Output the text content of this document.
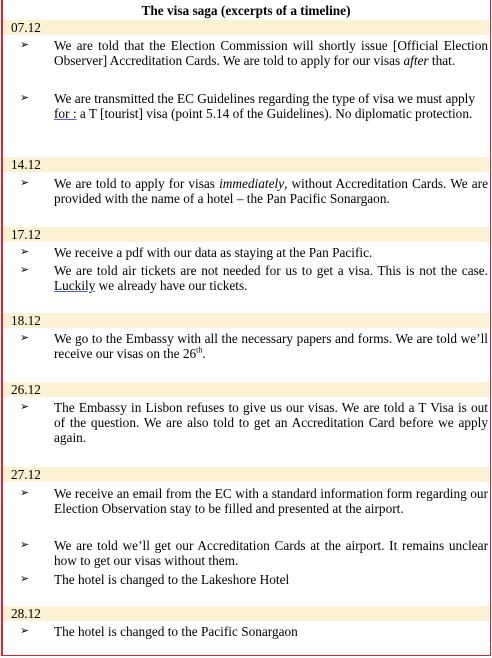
The visa saga (excerpts of a timeline)
07.12
➢	We are told that the Election Commission will shortly issue [Official Election Observer] Accreditation Cards. We are told to apply for our visas after that.
➢	We are transmitted the EC Guidelines regarding the type of visa we must apply for : a T [tourist] visa (point 5.14 of the Guidelines). No diplomatic protection.
14.12
➢	We are told to apply for visas immediately, without Accreditation Cards. We are provided with the name of a hotel – the Pan Pacific Sonargaon.
17.12
➢	We receive a pdf with our data as staying at the Pan Pacific.
➢	We are told air tickets are not needed for us to get a visa. This is not the case. Luckily we already have our tickets.
18.12
➢	We go to the Embassy with all the necessary papers and forms. We are told we’ll receive our visas on the 26th.
26.12
➢	The Embassy in Lisbon refuses to give us our visas. We are told a T Visa is out of the question. We are also told to get an Accreditation Card before we apply again.
27.12
➢	We receive an email from the EC with a standard information form regarding our Election Observation stay to be filled and presented at the airport.
➢	We are told we’ll get our Accreditation Cards at the airport. It remains unclear how to get our visas without them.
➢	The hotel is changed to the Lakeshore Hotel
28.12
➢	The hotel is changed to the Pacific Sonargaon
